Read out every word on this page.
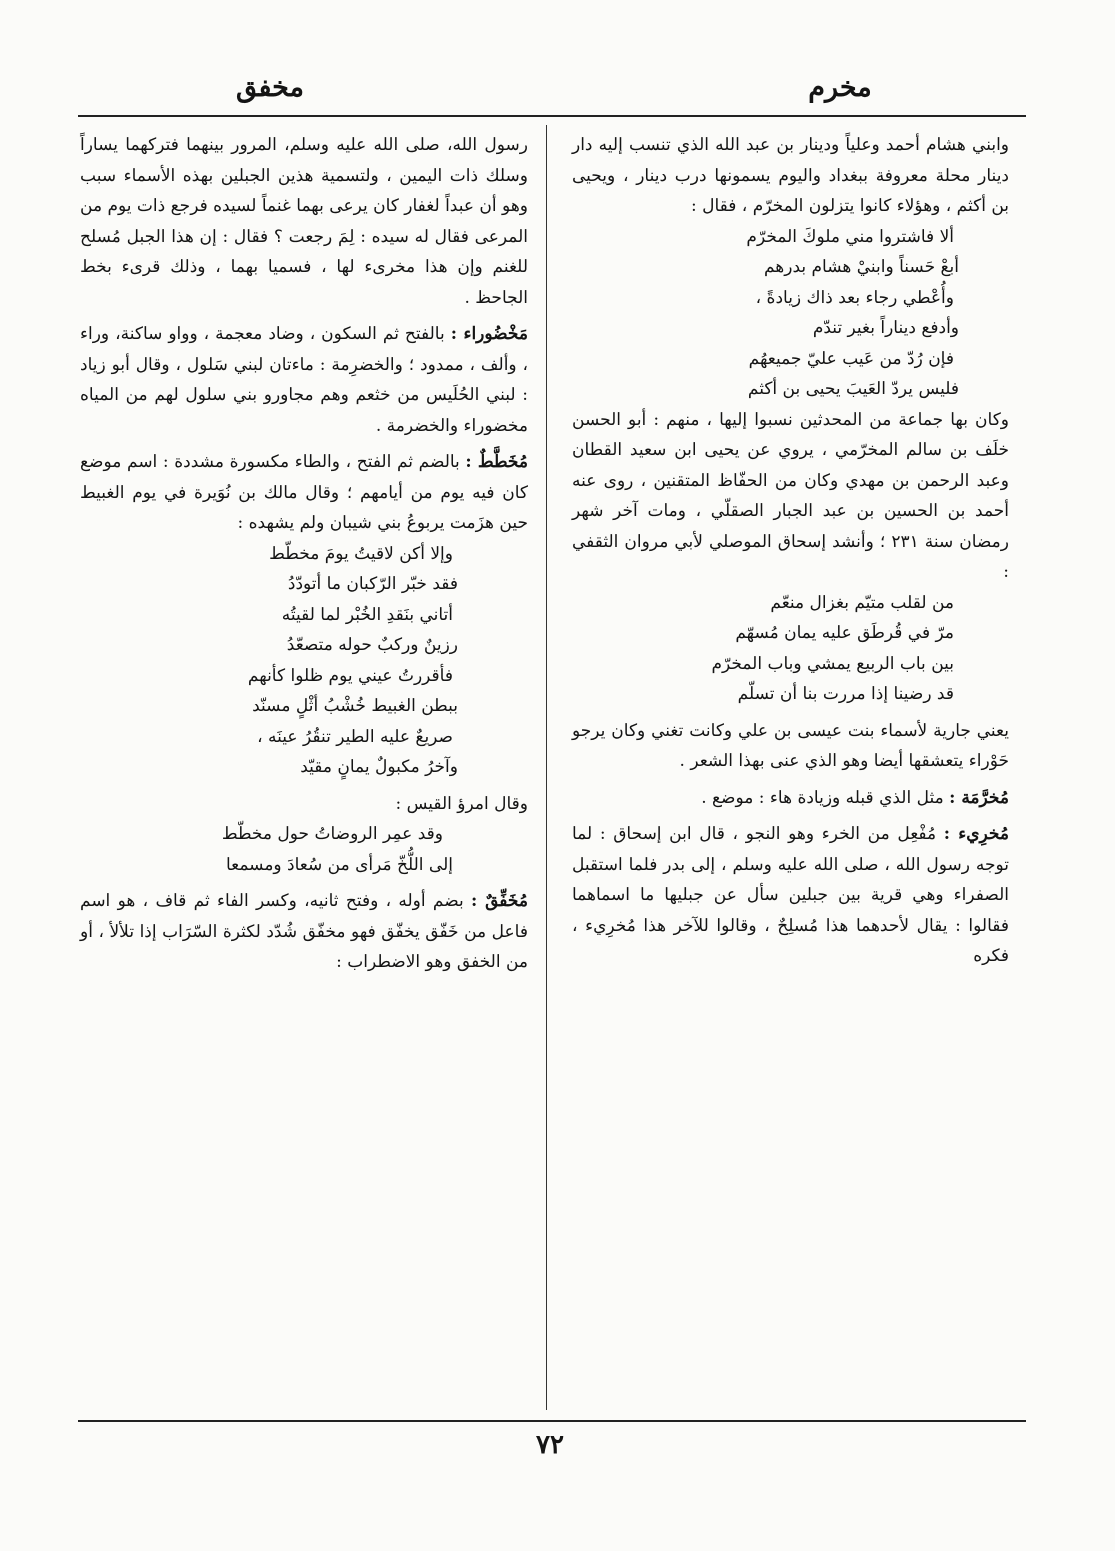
مخرم
مخفق

وابني هشام أحمد وعلياً ودينار بن عبد الله الذي تنسب إليه دار دينار محلة معروفة ببغداد واليوم يسمونها درب دينار ، ويحيى بن أكثم ، وهؤلاء كانوا يتزلون المخرّم ، فقال :

ألا فاشتروا مني ملوكَ المخرّم
أبعْ حَسناً وابنيْ هشام بدرهم
وأُعْطي رجاء بعد ذاك زيادةً ،
وأدفع ديناراً بغير تندّم
فإن رُدّ من عَيب عليّ جميعهُم
فليس يردّ العَيبَ يحيى بن أكثم

وكان بها جماعة من المحدثين نسبوا إليها ، منهم : أبو الحسن خلَف بن سالم المخرّمي ، يروي عن يحيى ابن سعيد القطان وعبد الرحمن بن مهدي وكان من الحفّاظ المتقنين ، روى عنه أحمد بن الحسين بن عبد الجبار الصقلّي ، ومات آخر شهر رمضان سنة ٢٣١ ؛ وأنشد إسحاق الموصلي لأبي مروان الثقفي :

من لقلب متيّم بغزال منعّم
مرّ في قُرطَق عليه يمان مُسهّم
بين باب الربيع يمشي وباب المخرّم
قد رضينا إذا مررت بنا أن تسلّم

يعني جارية لأسماء بنت عيسى بن علي وكانت تغني وكان يرجو حَوْراء يتعشقها أيضا وهو الذي عنى بهذا الشعر .

مُخرَّمَة : مثل الذي قبله وزيادة هاء : موضع .

مُخرِيء : مُفْعِل من الخرء وهو النجو ، قال ابن إسحاق : لما توجه رسول الله ، صلى الله عليه وسلم ، إلى بدر فلما استقبل الصفراء وهي قرية بين جبلين سأل عن جبليها ما اسماهما فقالوا : يقال لأحدهما هذا مُسلِحٌ ، وقالوا للآخر هذا مُخرِيء ، فكره

رسول الله، صلى الله عليه وسلم، المرور بينهما فتركهما يساراً وسلك ذات اليمين ، ولتسمية هذين الجبلين بهذه الأسماء سبب وهو أن عبداً لغفار كان يرعى بهما غنماً لسيده فرجع ذات يوم من المرعى فقال له سيده : لِمَ رجعت ؟ فقال : إن هذا الجبل مُسلح للغنم وإن هذا مخرىء لها ، فسميا بهما ، وذلك قرىء بخط الجاحظ .

مَخْضُوراء : بالفتح ثم السكون ، وضاد معجمة ، وواو ساكنة، وراء ، وألف ، ممدود ؛ والخضرِمة : ماءتان لبني سَلول ، وقال أبو زياد : لبني الحُلَيس من خثعم وهم مجاورو بني سلول لهم من المياه مخضوراء والخضرمة .

مُخَطَّطٌ : بالضم ثم الفتح ، والطاء مكسورة مشددة : اسم موضع كان فيه يوم من أيامهم ؛ وقال مالك بن نُوَيرة في يوم الغبيط حين هزَمت يربوعُ بني شيبان ولم يشهده :

وإلا أكن لاقيتُ يومَ مخطّط
فقد خبّر الرّكبان ما أتودّدُ
أتاني بنَقدِ الخُبْر لما لقيتُه
رزينٌ وركبٌ حوله متصعّدُ
فأقررتُ عيني يوم ظلوا كأنهم
ببطن الغبيط خُشْبُ أثْلٍ مسنّد
صريعٌ عليه الطير تنقُرُ عينَه ،
وآخرُ مكبولٌ يمانٍ مقيّد

وقال امرؤ القيس :

وقد عمِر الروضاتُ حول مخطّط
إلى اللُّخّ مَرأى من سُعادَ ومسمعا

مُخَفِّقٌ : بضم أوله ، وفتح ثانيه، وكسر الفاء ثم قاف ، هو اسم فاعل من خَفّق يخفّق فهو مخفّق شُدّد لكثرة السّرَاب إذا تلألأ ، أو من الخفق وهو الاضطراب :

٧٢
